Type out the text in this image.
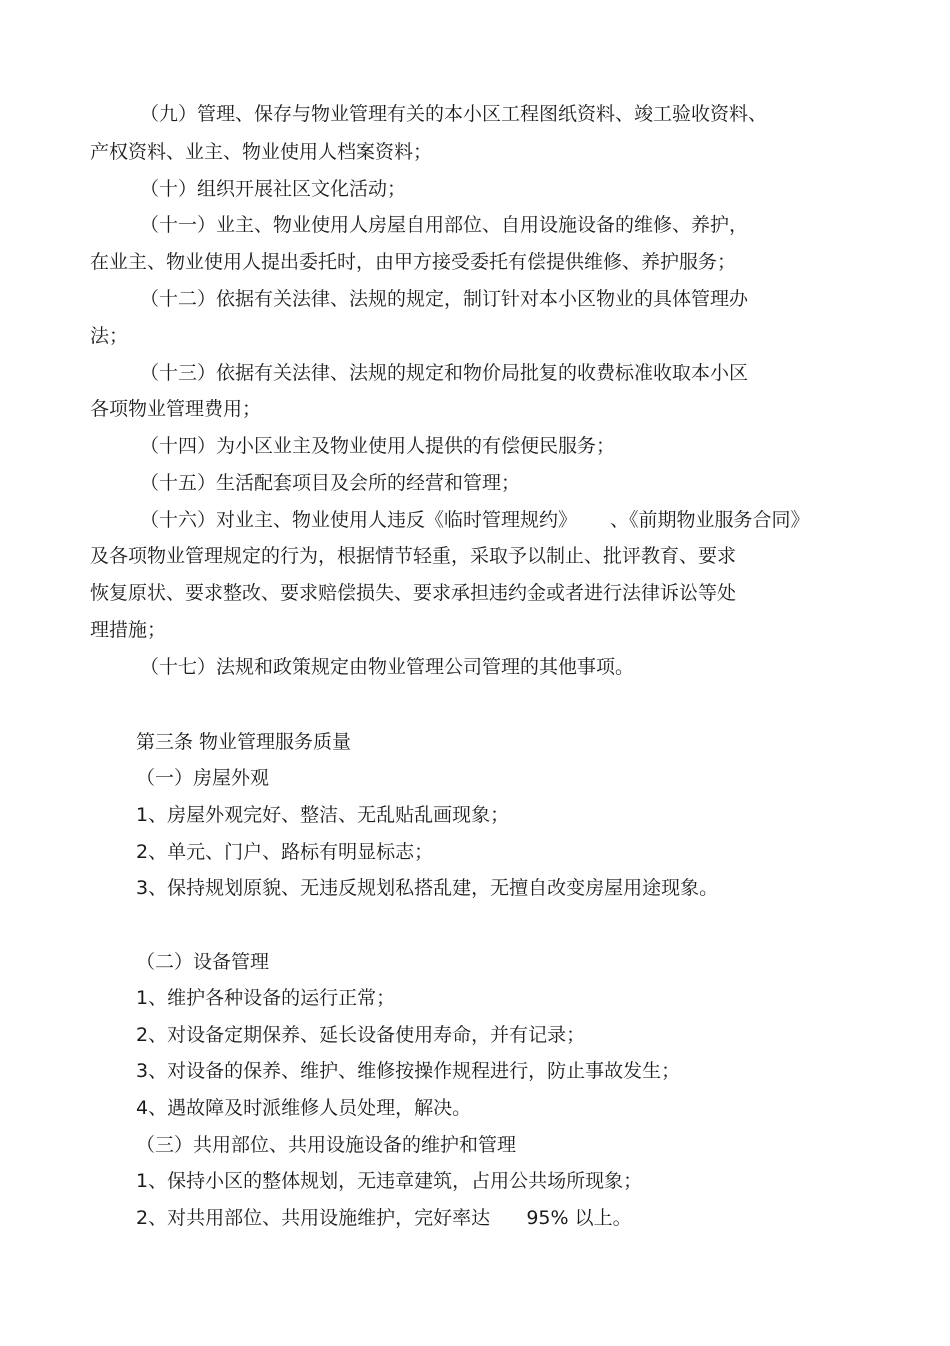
（九）管理、保存与物业管理有关的本小区工程图纸资料、竣工验收资料、
产权资料、业主、物业使用人档案资料；
（十）组织开展社区文化活动；
（十一）业主、物业使用人房屋自用部位、自用设施设备的维修、养护，
在业主、物业使用人提出委托时，由甲方接受委托有偿提供维修、养护服务；
（十二）依据有关法律、法规的规定，制订针对本小区物业的具体管理办
法；
（十三）依据有关法律、法规的规定和物价局批复的收费标准收取本小区
各项物业管理费用；
（十四）为小区业主及物业使用人提供的有偿便民服务；
（十五）生活配套项目及会所的经营和管理；
（十六）对业主、物业使用人违反《临时管理规约》 、《前期物业服务合同》
及各项物业管理规定的行为，根据情节轻重，采取予以制止、批评教育、要求
恢复原状、要求整改、要求赔偿损失、要求承担违约金或者进行法律诉讼等处
理措施；
（十七）法规和政策规定由物业管理公司管理的其他事项。
第三条 物业管理服务质量
（一）房屋外观
1、房屋外观完好、整洁、无乱贴乱画现象；
2、单元、门户、路标有明显标志；
3、保持规划原貌、无违反规划私搭乱建，无擅自改变房屋用途现象。
（二）设备管理
1、维护各种设备的运行正常；
2、对设备定期保养、延长设备使用寿命，并有记录；
3、对设备的保养、维护、维修按操作规程进行，防止事故发生；
4、遇故障及时派维修人员处理，解决。
（三）共用部位、共用设施设备的维护和管理
1、保持小区的整体规划，无违章建筑，占用公共场所现象；
2、对共用部位、共用设施维护，完好率达      95% 以上。
